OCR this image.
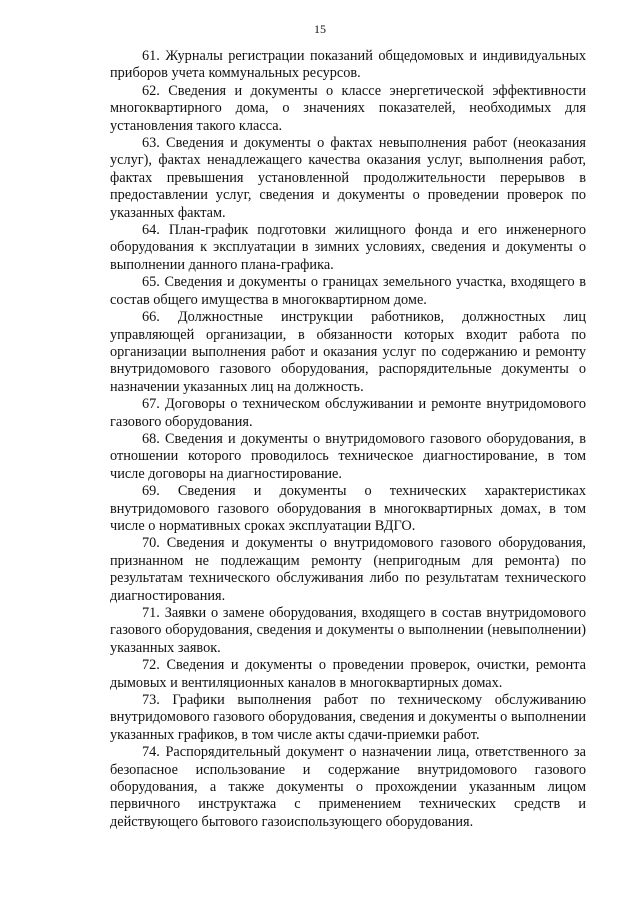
15

61. Журналы регистрации показаний общедомовых и индивидуальных приборов учета коммунальных ресурсов.

62. Сведения и документы о классе энергетической эффективности многоквартирного дома, о значениях показателей, необходимых для установления такого класса.

63. Сведения и документы о фактах невыполнения работ (неоказания услуг), фактах ненадлежащего качества оказания услуг, выполнения работ, фактах превышения установленной продолжительности перерывов в предоставлении услуг, сведения и документы о проведении проверок по указанных фактам.

64. План-график подготовки жилищного фонда и его инженерного оборудования к эксплуатации в зимних условиях, сведения и документы о выполнении данного плана-графика.

65. Сведения и документы о границах земельного участка, входящего в состав общего имущества в многоквартирном доме.

66. Должностные инструкции работников, должностных лиц управляющей организации, в обязанности которых входит работа по организации выполнения работ и оказания услуг по содержанию и ремонту внутридомового газового оборудования, распорядительные документы о назначении указанных лиц на должность.

67. Договоры о техническом обслуживании и ремонте внутридомового газового оборудования.

68. Сведения и документы о внутридомового газового оборудования, в отношении которого проводилось техническое диагностирование, в том числе договоры на диагностирование.

69. Сведения и документы о технических характеристиках внутридомового газового оборудования в многоквартирных домах, в том числе о нормативных сроках эксплуатации ВДГО.

70. Сведения и документы о внутридомового газового оборудования, признанном не подлежащим ремонту (непригодным для ремонта) по результатам технического обслуживания либо по результатам технического диагностирования.

71. Заявки о замене оборудования, входящего в состав внутридомового газового оборудования, сведения и документы о выполнении (невыполнении) указанных заявок.

72. Сведения и документы о проведении проверок, очистки, ремонта дымовых и вентиляционных каналов в многоквартирных домах.

73. Графики выполнения работ по техническому обслуживанию внутридомового газового оборудования, сведения и документы о выполнении указанных графиков, в том числе акты сдачи-приемки работ.

74. Распорядительный документ о назначении лица, ответственного за безопасное использование и содержание внутридомового газового оборудования, а также документы о прохождении указанным лицом первичного инструктажа с применением технических средств и действующего бытового газоиспользующего оборудования.
